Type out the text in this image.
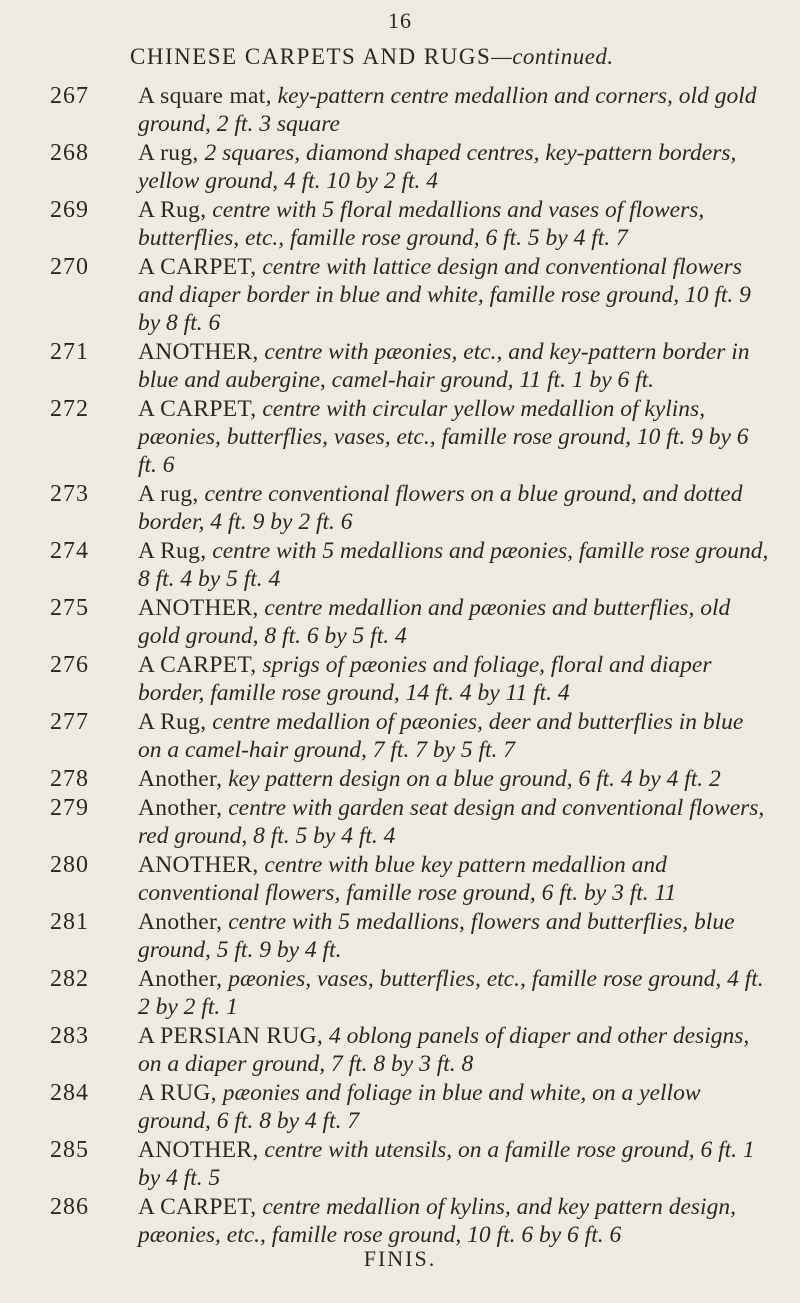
16
CHINESE CARPETS AND RUGS—continued.
267	A square mat, key-pattern centre medallion and corners, old gold ground, 2 ft. 3 square
268	A rug, 2 squares, diamond shaped centres, key-pattern borders, yellow ground, 4 ft. 10 by 2 ft. 4
269	A Rug, centre with 5 floral medallions and vases of flowers, butterflies, etc., famille rose ground, 6 ft. 5 by 4 ft. 7
270	A CARPET, centre with lattice design and conventional flowers and diaper border in blue and white, famille rose ground, 10 ft. 9 by 8 ft. 6
271	ANOTHER, centre with pæonies, etc., and key-pattern border in blue and aubergine, camel-hair ground, 11 ft. 1 by 6 ft.
272	A CARPET, centre with circular yellow medallion of kylins, pæonies, butterflies, vases, etc., famille rose ground, 10 ft. 9 by 6 ft. 6
273	A rug, centre conventional flowers on a blue ground, and dotted border, 4 ft. 9 by 2 ft. 6
274	A Rug, centre with 5 medallions and pæonies, famille rose ground, 8 ft. 4 by 5 ft. 4
275	ANOTHER, centre medallion and pæonies and butterflies, old gold ground, 8 ft. 6 by 5 ft. 4
276	A CARPET, sprigs of pæonies and foliage, floral and diaper border, famille rose ground, 14 ft. 4 by 11 ft. 4
277	A Rug, centre medallion of pæonies, deer and butterflies in blue on a camel-hair ground, 7 ft. 7 by 5 ft. 7
278	Another, key pattern design on a blue ground, 6 ft. 4 by 4 ft. 2
279	Another, centre with garden seat design and conventional flowers, red ground, 8 ft. 5 by 4 ft. 4
280	ANOTHER, centre with blue key pattern medallion and conventional flowers, famille rose ground, 6 ft. by 3 ft. 11
281	Another, centre with 5 medallions, flowers and butterflies, blue ground, 5 ft. 9 by 4 ft.
282	Another, pæonies, vases, butterflies, etc., famille rose ground, 4 ft. 2 by 2 ft. 1
283	A PERSIAN RUG, 4 oblong panels of diaper and other designs, on a diaper ground, 7 ft. 8 by 3 ft. 8
284	A RUG, pæonies and foliage in blue and white, on a yellow ground, 6 ft. 8 by 4 ft. 7
285	ANOTHER, centre with utensils, on a famille rose ground, 6 ft. 1 by 4 ft. 5
286	A CARPET, centre medallion of kylins, and key pattern design, pæonies, etc., famille rose ground, 10 ft. 6 by 6 ft. 6
FINIS.
